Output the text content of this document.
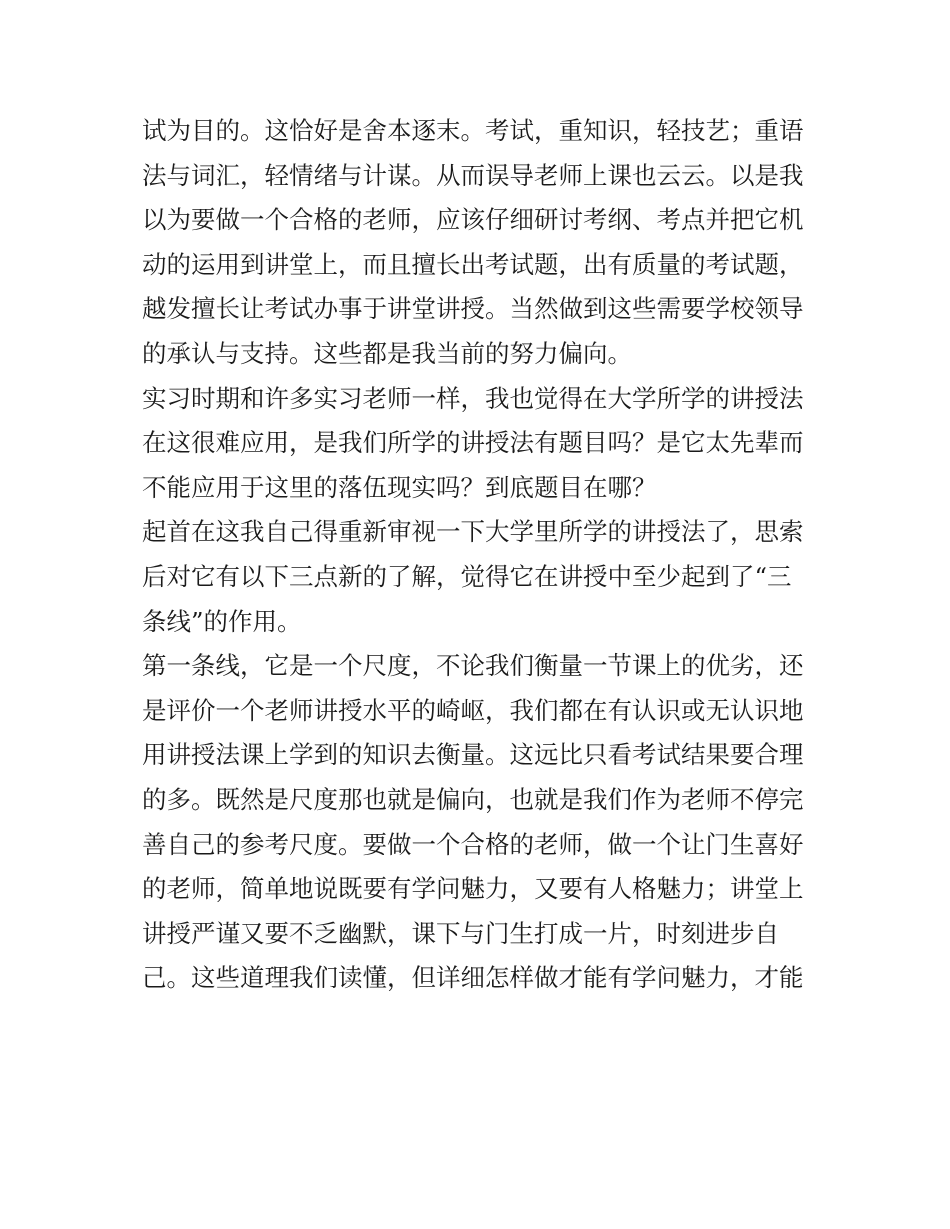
试为目的。这恰好是舍本逐末。考试，重知识，轻技艺；重语
法与词汇，轻情绪与计谋。从而误导老师上课也云云。以是我
以为要做一个合格的老师，应该仔细研讨考纲、考点并把它机
动的运用到讲堂上，而且擅长出考试题，出有质量的考试题，
越发擅长让考试办事于讲堂讲授。当然做到这些需要学校领导
的承认与支持。这些都是我当前的努力偏向。
实习时期和许多实习老师一样，我也觉得在大学所学的讲授法
在这很难应用，是我们所学的讲授法有题目吗？是它太先辈而
不能应用于这里的落伍现实吗？到底题目在哪？
起首在这我自己得重新审视一下大学里所学的讲授法了，思索
后对它有以下三点新的了解，觉得它在讲授中至少起到了“三
条线”的作用。
第一条线，它是一个尺度，不论我们衡量一节课上的优劣，还
是评价一个老师讲授水平的崎岖，我们都在有认识或无认识地
用讲授法课上学到的知识去衡量。这远比只看考试结果要合理
的多。既然是尺度那也就是偏向，也就是我们作为老师不停完
善自己的参考尺度。要做一个合格的老师，做一个让门生喜好
的老师，简单地说既要有学问魅力，又要有人格魅力；讲堂上
讲授严谨又要不乏幽默，课下与门生打成一片，时刻进步自
己。这些道理我们读懂，但详细怎样做才能有学问魅力，才能
